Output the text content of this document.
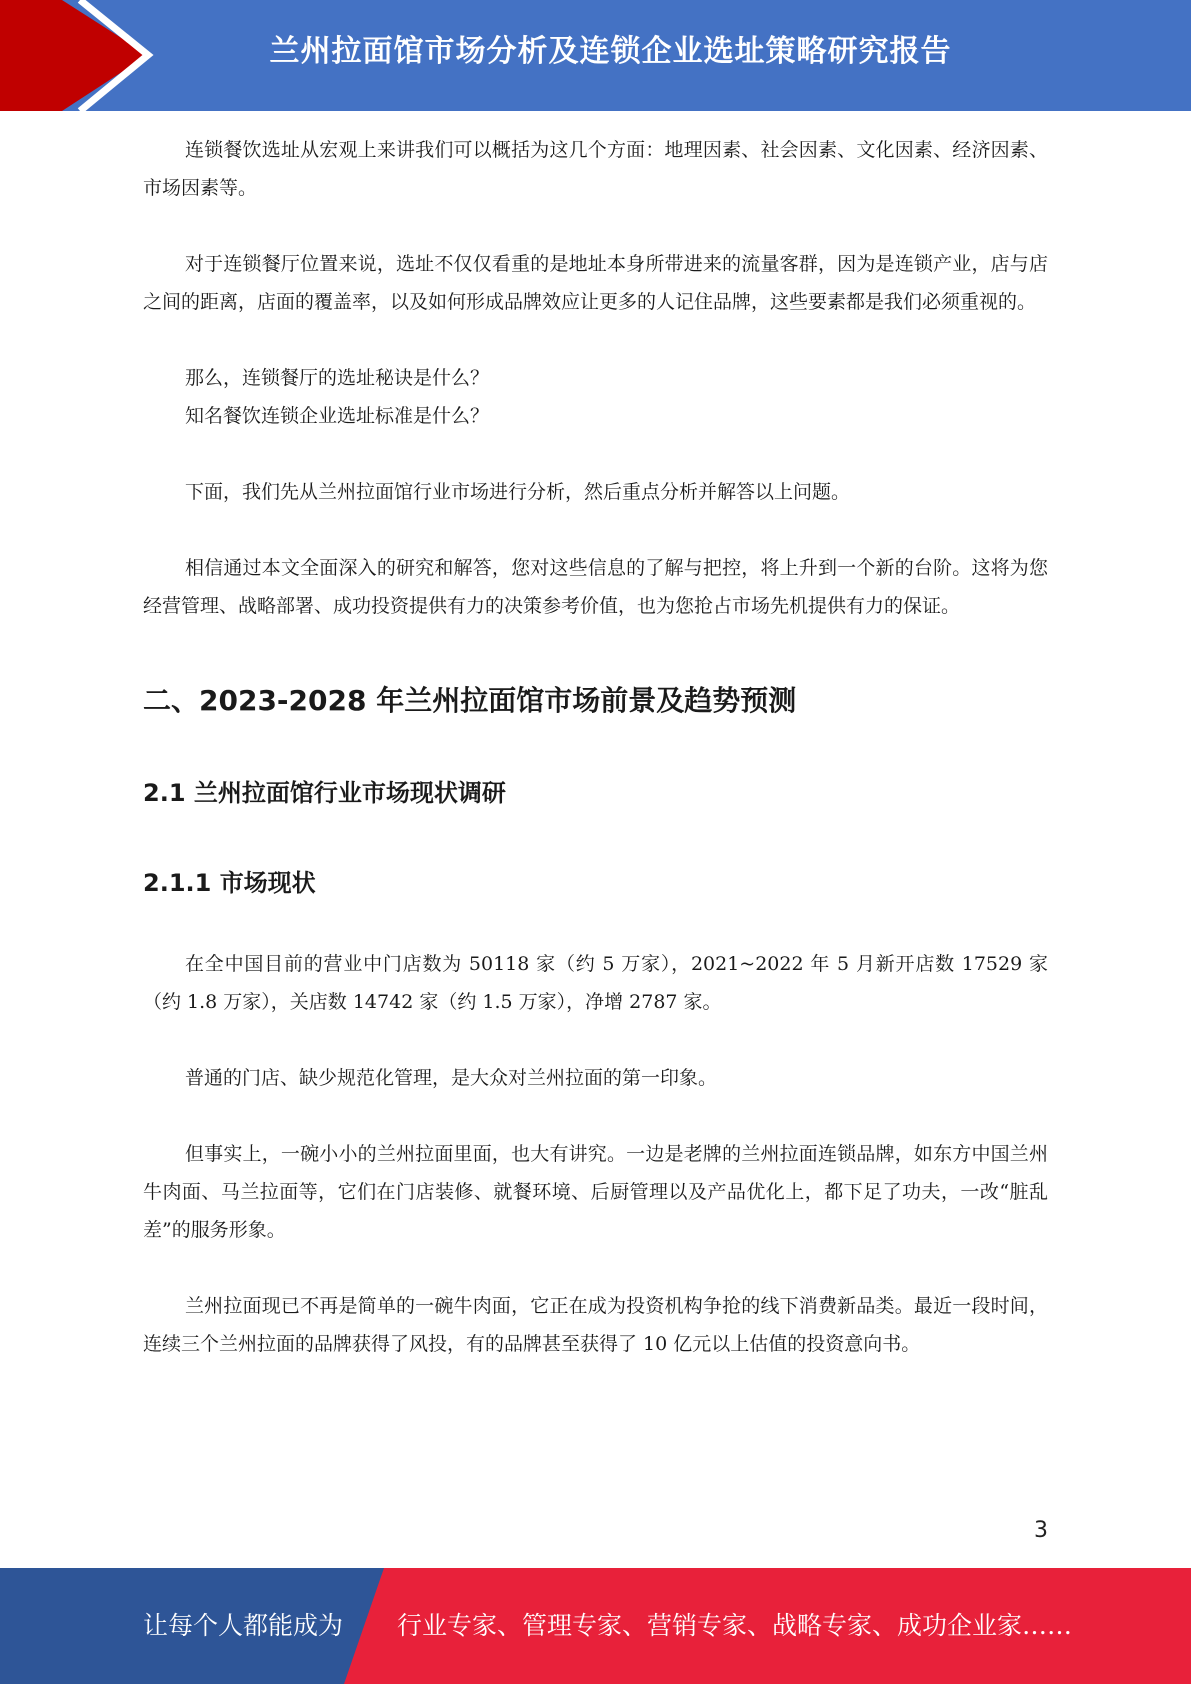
兰州拉面馆市场分析及连锁企业选址策略研究报告

连锁餐饮选址从宏观上来讲我们可以概括为这几个方面：地理因素、社会因素、文化因素、经济因素、市场因素等。

对于连锁餐厅位置来说，选址不仅仅看重的是地址本身所带进来的流量客群，因为是连锁产业，店与店之间的距离，店面的覆盖率，以及如何形成品牌效应让更多的人记住品牌，这些要素都是我们必须重视的。

那么，连锁餐厅的选址秘诀是什么？

知名餐饮连锁企业选址标准是什么？

下面，我们先从兰州拉面馆行业市场进行分析，然后重点分析并解答以上问题。

相信通过本文全面深入的研究和解答，您对这些信息的了解与把控，将上升到一个新的台阶。这将为您经营管理、战略部署、成功投资提供有力的决策参考价值，也为您抢占市场先机提供有力的保证。

二、2023-2028 年兰州拉面馆市场前景及趋势预测
2.1 兰州拉面馆行业市场现状调研
2.1.1 市场现状

在全中国目前的营业中门店数为 50118 家（约 5 万家），2021~2022 年 5 月新开店数 17529 家（约 1.8 万家），关店数 14742 家（约 1.5 万家），净增 2787 家。

普通的门店、缺少规范化管理，是大众对兰州拉面的第一印象。

但事实上，一碗小小的兰州拉面里面，也大有讲究。一边是老牌的兰州拉面连锁品牌，如东方中国兰州牛肉面、马兰拉面等，它们在门店装修、就餐环境、后厨管理以及产品优化上，都下足了功夫，一改“脏乱差”的服务形象。

兰州拉面现已不再是简单的一碗牛肉面，它正在成为投资机构争抢的线下消费新品类。最近一段时间，连续三个兰州拉面的品牌获得了风投，有的品牌甚至获得了 10 亿元以上估值的投资意向书。

3
让每个人都能成为 行业专家、管理专家、营销专家、战略专家、成功企业家……
